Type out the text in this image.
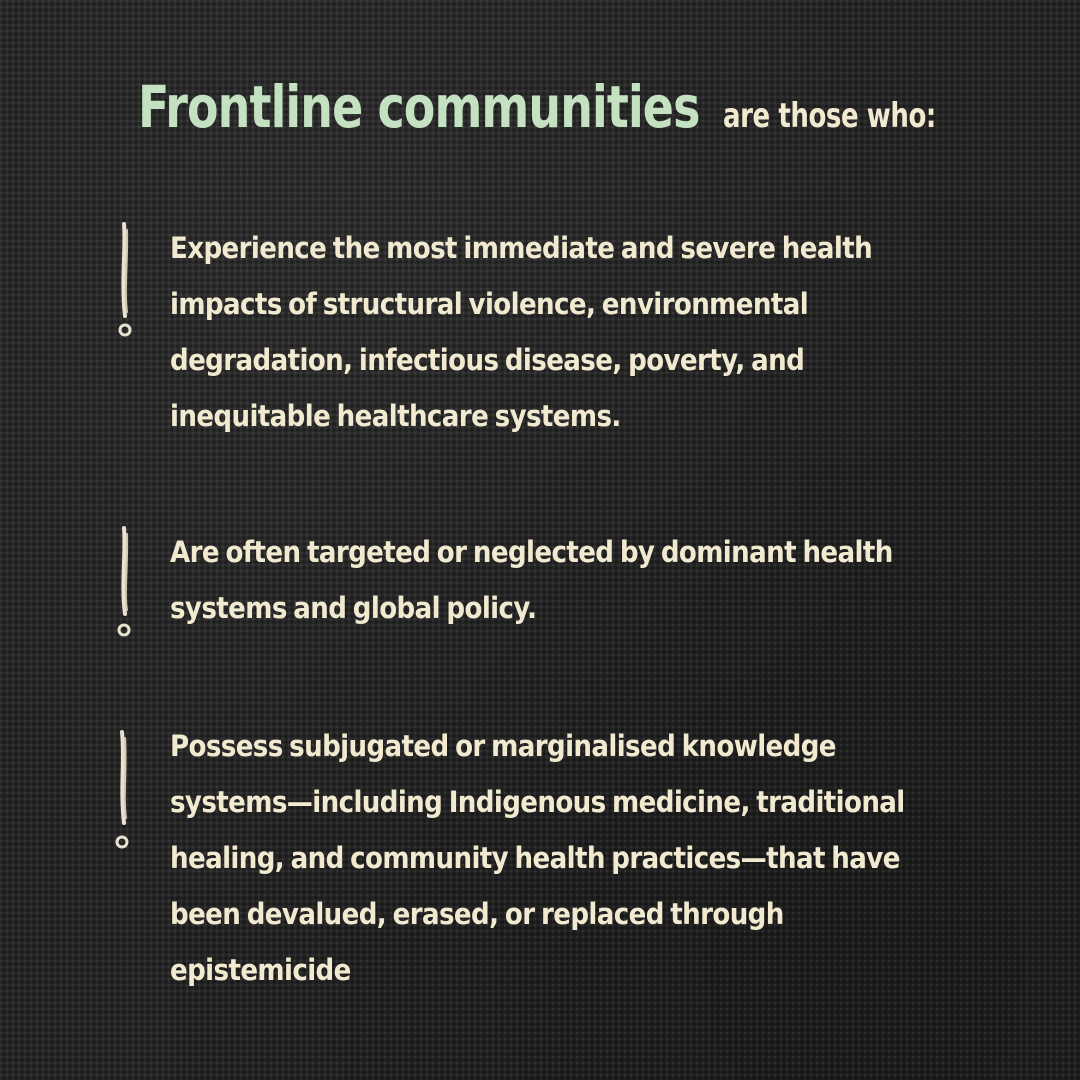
Frontline communities are those who:
Experience the most immediate and severe health impacts of structural violence, environmental degradation, infectious disease, poverty, and inequitable healthcare systems.
Are often targeted or neglected by dominant health systems and global policy.
Possess subjugated or marginalised knowledge systems—including Indigenous medicine, traditional healing, and community health practices—that have been devalued, erased, or replaced through epistemicide
